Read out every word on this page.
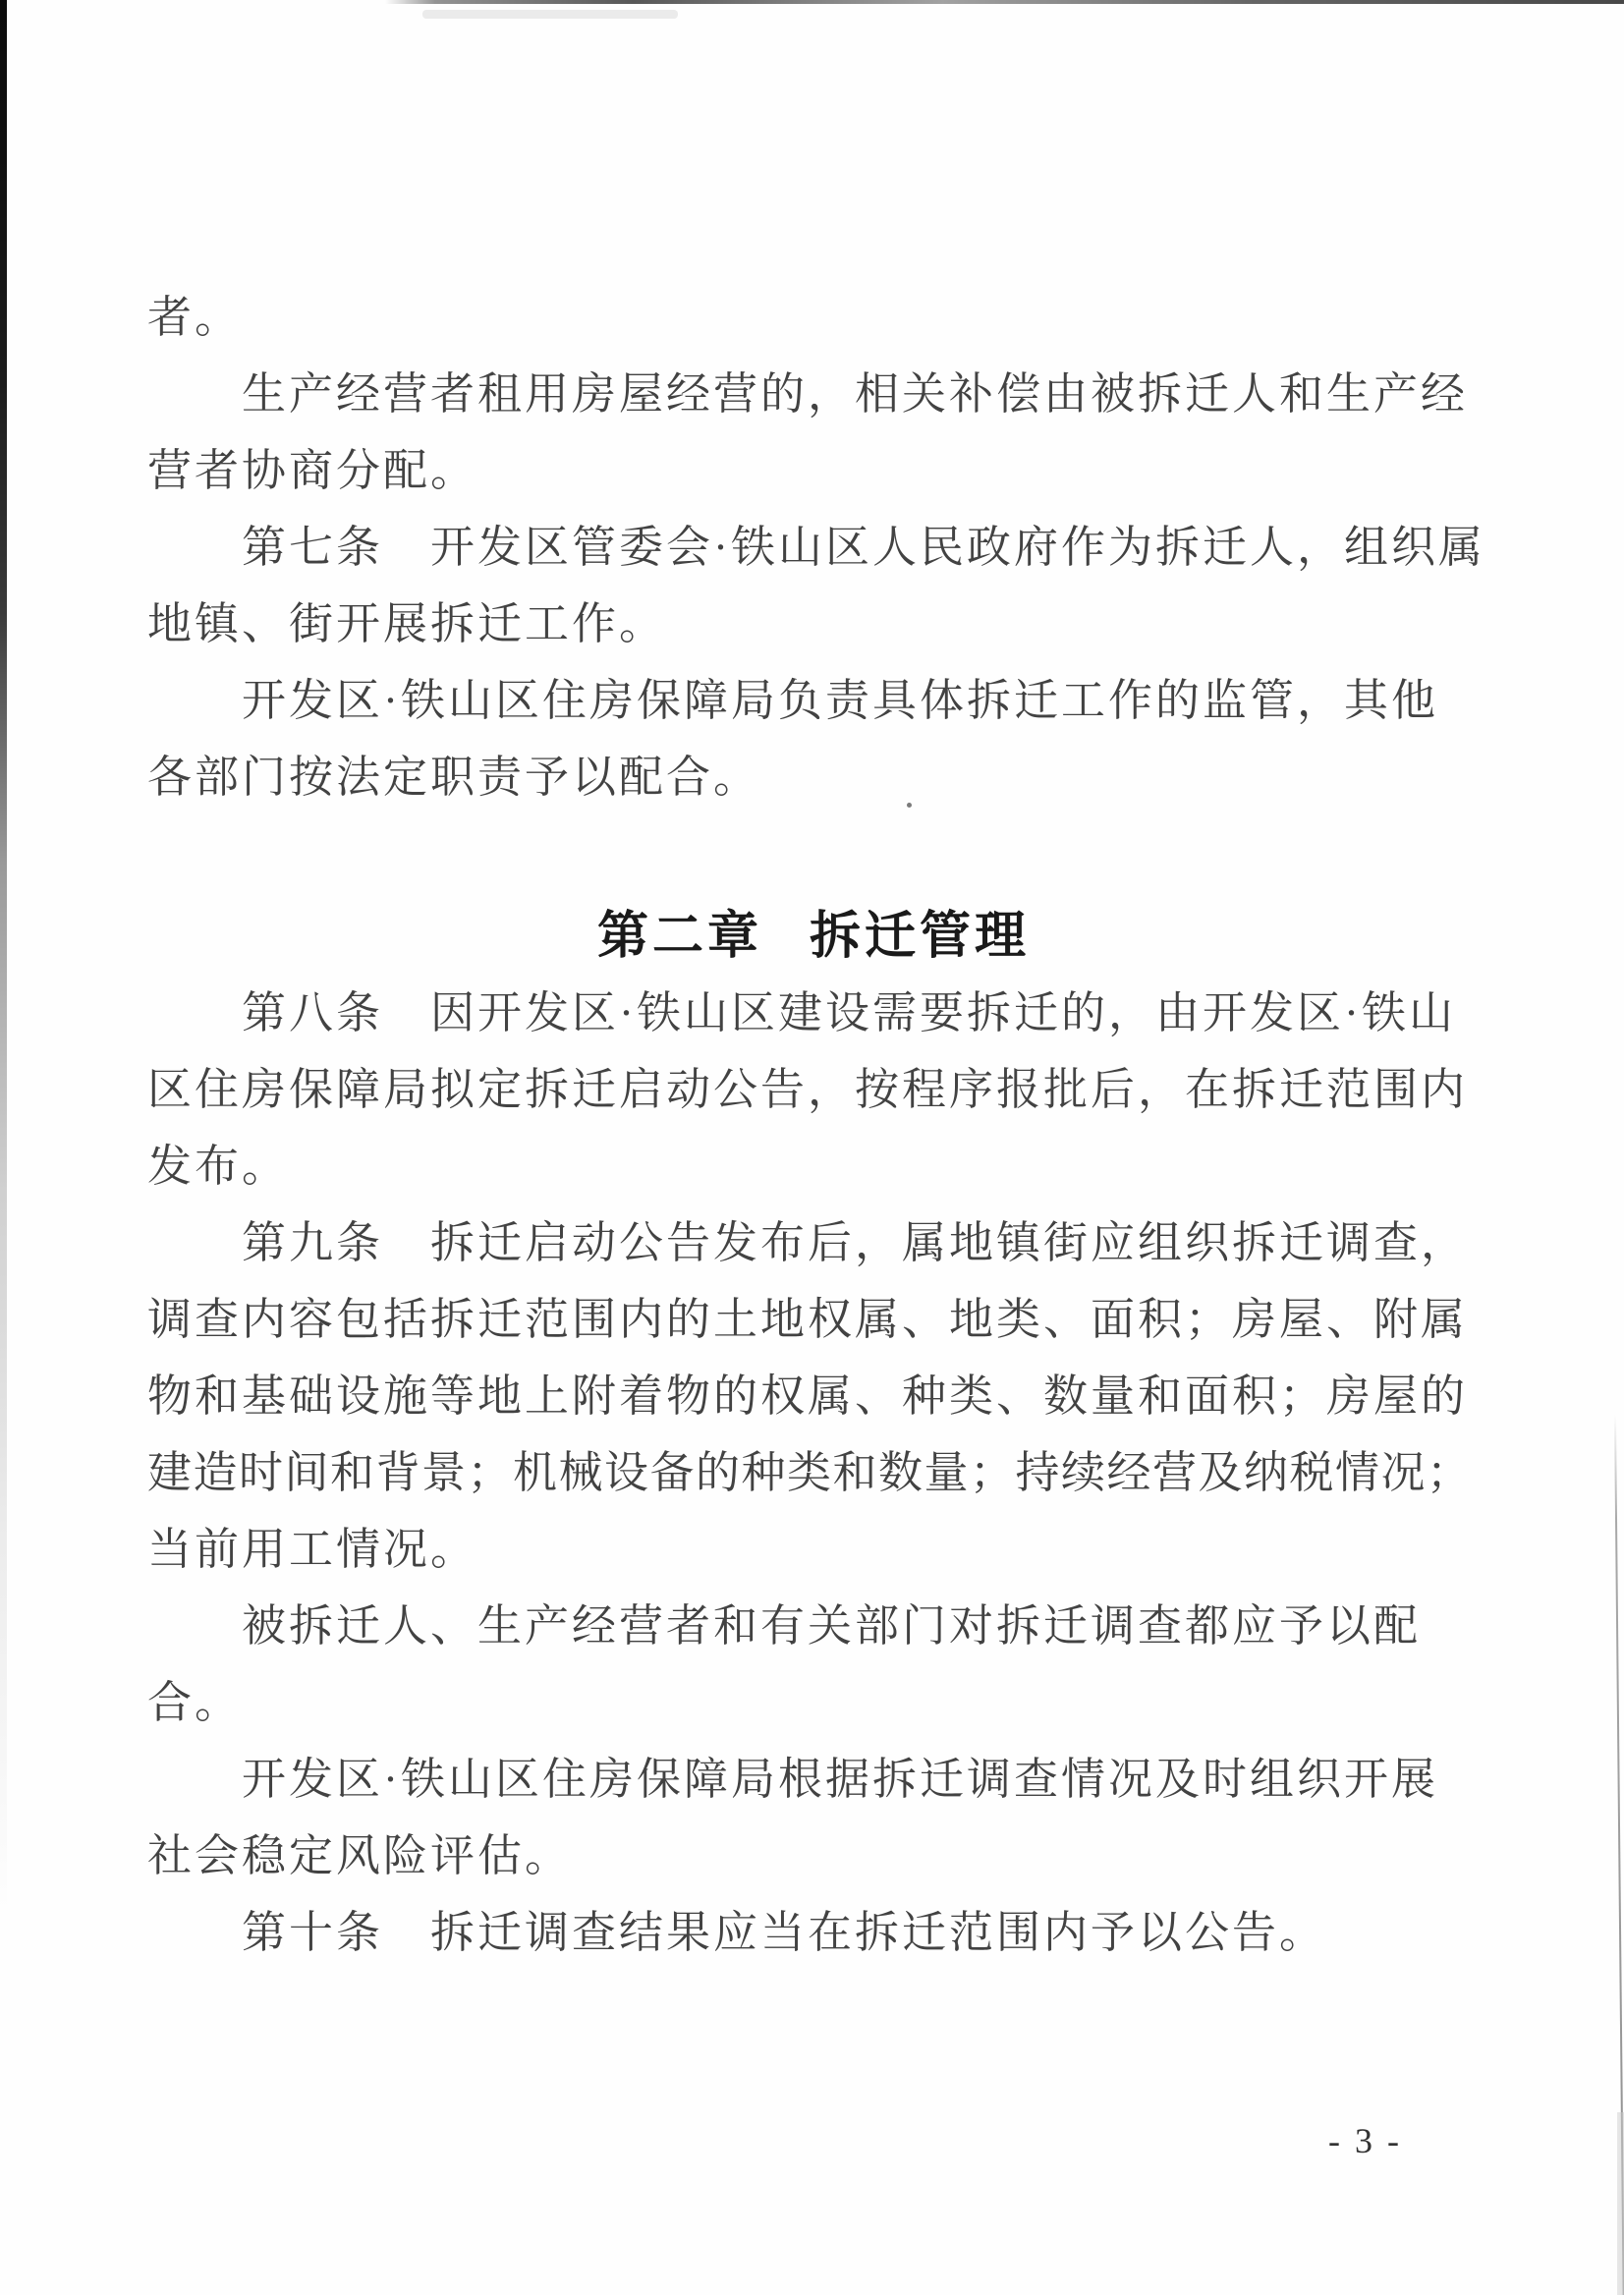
者。
生产经营者租用房屋经营的，相关补偿由被拆迁人和生产经
营者协商分配。
第七条　开发区管委会·铁山区人民政府作为拆迁人，组织属
地镇、街开展拆迁工作。
开发区·铁山区住房保障局负责具体拆迁工作的监管，其他
各部门按法定职责予以配合。
第二章 拆迁管理
第八条　因开发区·铁山区建设需要拆迁的，由开发区·铁山
区住房保障局拟定拆迁启动公告，按程序报批后，在拆迁范围内
发布。
第九条　拆迁启动公告发布后，属地镇街应组织拆迁调查，
调查内容包括拆迁范围内的土地权属、地类、面积；房屋、附属
物和基础设施等地上附着物的权属、种类、数量和面积；房屋的
建造时间和背景；机械设备的种类和数量；持续经营及纳税情况；
当前用工情况。
被拆迁人、生产经营者和有关部门对拆迁调查都应予以配
合。
开发区·铁山区住房保障局根据拆迁调查情况及时组织开展
社会稳定风险评估。
第十条　拆迁调查结果应当在拆迁范围内予以公告。
- 3 -
